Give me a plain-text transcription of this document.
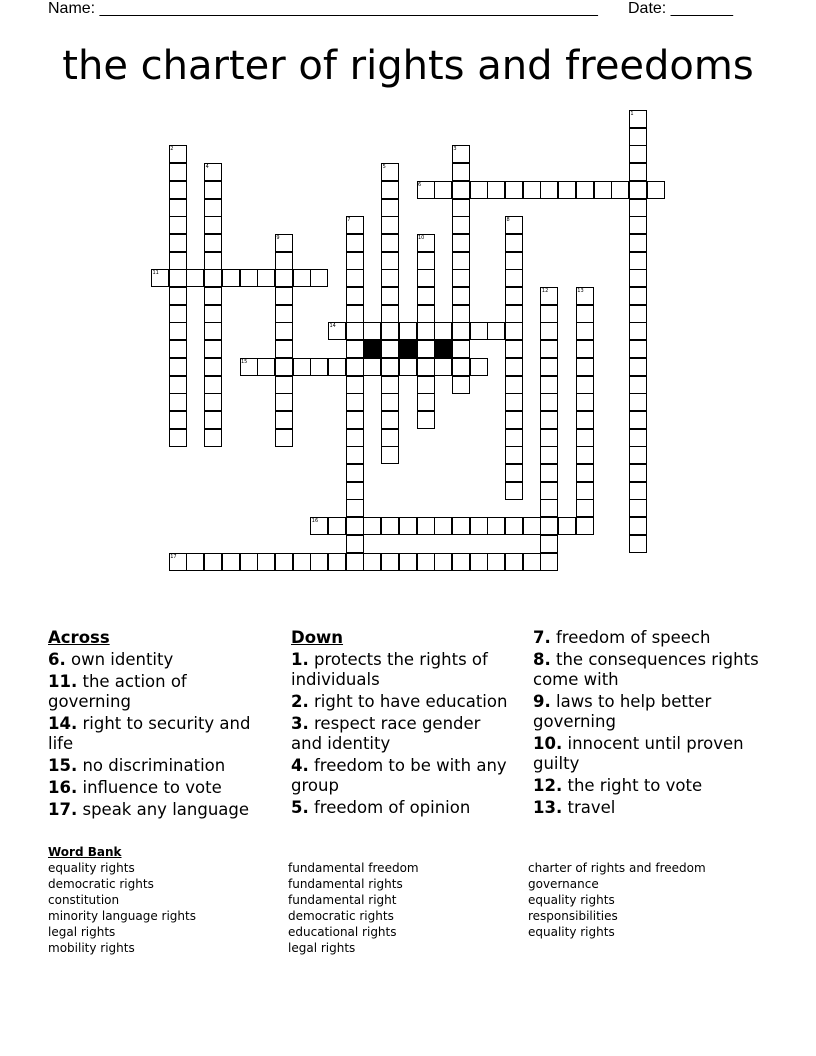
Name: ________________________________________________________ Date: _______
the charter of rights and freedoms
1
2	3
4	5
6
7	8
9	10
11
12	13
14
15
16
17
Across
6. own identity
11. the action of governing
14. right to security and life
15. no discrimination
16. influence to vote
17. speak any language
Down
1. protects the rights of individuals
2. right to have education
3. respect race gender and identity
4. freedom to be with any group
5. freedom of opinion
7. freedom of speech
8. the consequences rights come with
9. laws to help better governing
10. innocent until proven guilty
12. the right to vote
13. travel
Word Bank
equality rights
democratic rights
constitution
minority language rights
legal rights
mobility rights
fundamental freedom
fundamental rights
fundamental right
democratic rights
educational rights
legal rights
charter of rights and freedom
governance
equality rights
responsibilities
equality rights
